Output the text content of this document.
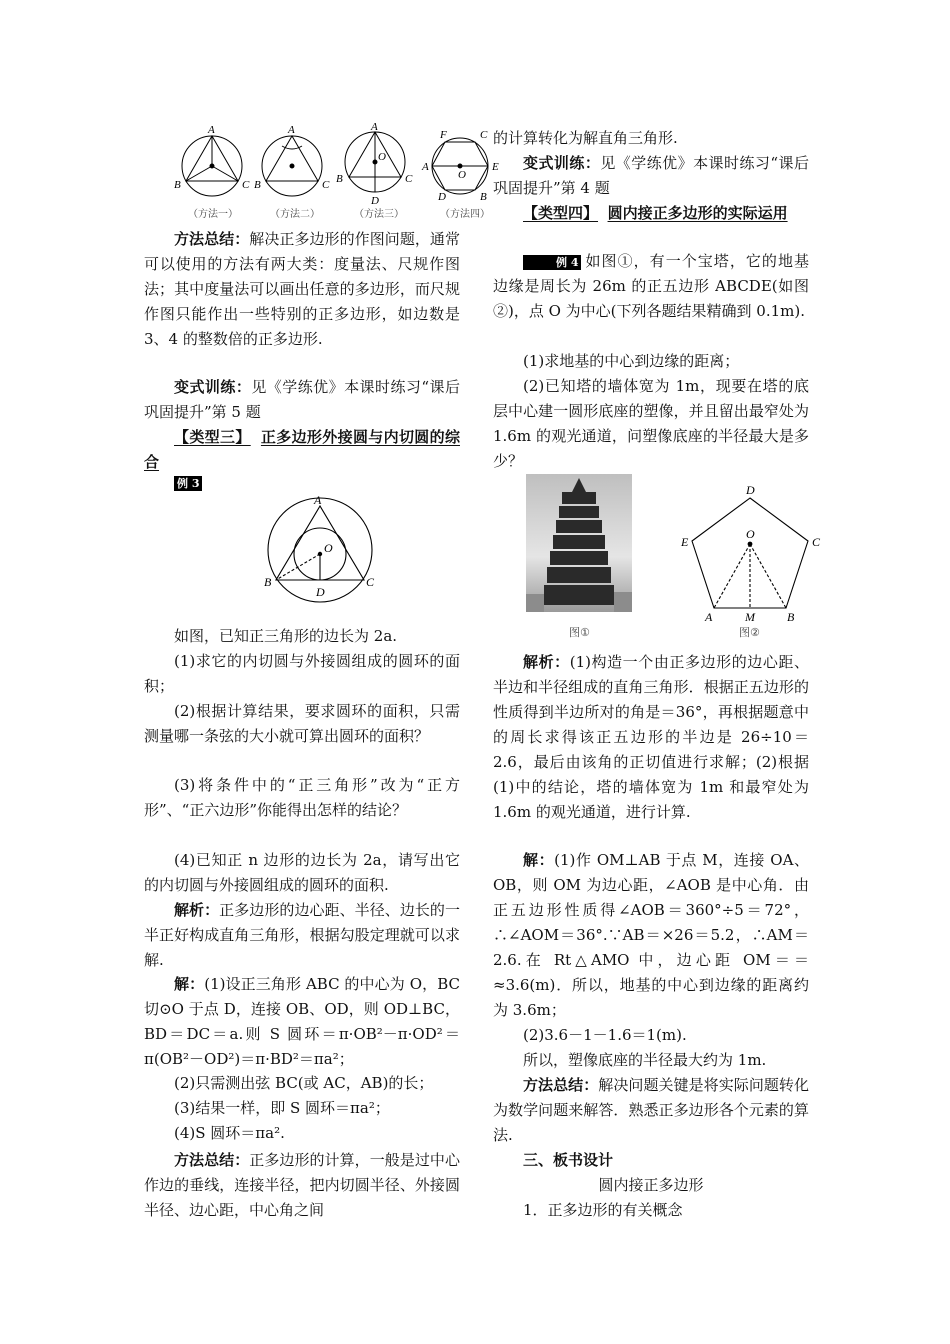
A
B	C
A
B	C
A
B	C
D
O
F
A	E
D
O
C
B
（方法一）	（方法二）	（方法三）	（方法四）

方法总结：解决正多边形的作图问题，通常可以使用的方法有两大类：度量法、尺规作图法；其中度量法可以画出任意的多边形，而尺规作图只能作出一些特别的正多边形，如边数是 3、4 的整数倍的正多边形.

变式训练：见《学练优》本课时练习“课后巩固提升”第 5 题

【类型三】 正多边形外接圆与内切圆的综合

例 3
A
O
B
D
C

如图，已知正三角形的边长为 2a.

(1)求它的内切圆与外接圆组成的圆环的面积；

(2)根据计算结果，要求圆环的面积，只需测量哪一条弦的大小就可算出圆环的面积？

(3)将条件中的“正三角形”改为“正方形”、“正六边形”你能得出怎样的结论？

(4)已知正 n 边形的边长为 2a，请写出它的内切圆与外接圆组成的圆环的面积.

解析：正多边形的边心距、半径、边长的一半正好构成直角三角形，根据勾股定理就可以求解.

解：(1)设正三角形 ABC 的中心为 O，BC 切⊙O 于点 D，连接 OB、OD，则 OD⊥BC，BD＝DC＝a.则 S 圆环＝π·OB²－π·OD²＝π(OB²－OD²)＝π·BD²＝πa²；

(2)只需测出弦 BC(或 AC，AB)的长；

(3)结果一样，即 S 圆环＝πa²；

(4)S 圆环＝πa².

方法总结：正多边形的计算，一般是过中心作边的垂线，连接半径，把内切圆半径、外接圆半径、边心距，中心角之间

的计算转化为解直角三角形.

变式训练：见《学练优》本课时练习“课后巩固提升”第 4 题

【类型四】 圆内接正多边形的实际运用

例 4 如图①，有一个宝塔，它的地基边缘是周长为 26m 的正五边形 ABCDE(如图②)，点 O 为中心(下列各题结果精确到 0.1m).

(1)求地基的中心到边缘的距离；

(2)已知塔的墙体宽为 1m，现要在塔的底层中心建一圆形底座的塑像，并且留出最窄处为 1.6m 的观光通道，问塑像底座的半径最大是多少？

图①
D
E	C
O
A	M	B
图②

解析：(1)构造一个由正多边形的边心距、半边和半径组成的直角三角形．根据正五边形的性质得到半边所对的角是＝36°，再根据题意中的周长求得该正五边形的半边是 26÷10＝2.6，最后由该角的正切值进行求解；(2)根据(1)中的结论，塔的墙体宽为 1m 和最窄处为 1.6m 的观光通道，进行计算.

解：(1)作 OM⊥AB 于点 M，连接 OA、OB，则 OM 为边心距，∠AOB 是中心角．由正五边形性质得∠AOB＝360°÷5＝72°，∴∠AOM＝36°.∵AB＝×26＝5.2，∴AM＝2.6.在 Rt△AMO 中，边心距 OM＝＝≈3.6(m)．所以，地基的中心到边缘的距离约为 3.6m；

(2)3.6－1－1.6＝1(m).

所以，塑像底座的半径最大约为 1m.

方法总结：解决问题关键是将实际问题转化为数学问题来解答．熟悉正多边形各个元素的算法.

三、板书设计

圆内接正多边形

1．正多边形的有关概念
